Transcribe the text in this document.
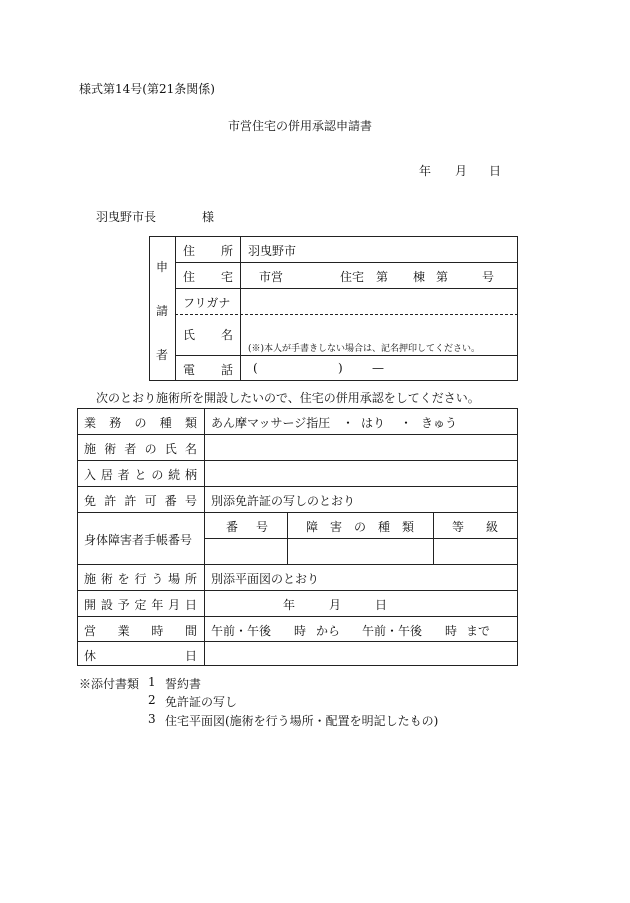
様式第14号(第21条関係)
市営住宅の併用承認申請書
年 月 日
羽曳野市長	様
申
請
者
住 所 羽曳野市
住 宅 市営	住宅 第 棟 第	号
フリガナ
氏 名
(※)本人が手書きしない場合は、記名押印してください。
電 話 (	) —
次のとおり施術所を開設したいので、住宅の併用承認をしてください。
業 務 の 種 類 あん摩マッサージ指圧 ・ はり ・ きゅう
施 術 者 の 氏 名
入 居 者 と の 続 柄
免 許 許 可 番 号 別添免許証の写しのとおり
身体障害者手帳番号
番 号	障 害 の 種 類	等 級
施 術 を 行 う 場 所 別添平面図のとおり
開 設 予 定 年 月 日	年	月	日
営 業 時 間 午前・午後 時 から 午前・午後 時 まで
休	日
※添付書類 1 誓約書
2 免許証の写し
3 住宅平面図(施術を行う場所・配置を明記したもの)
